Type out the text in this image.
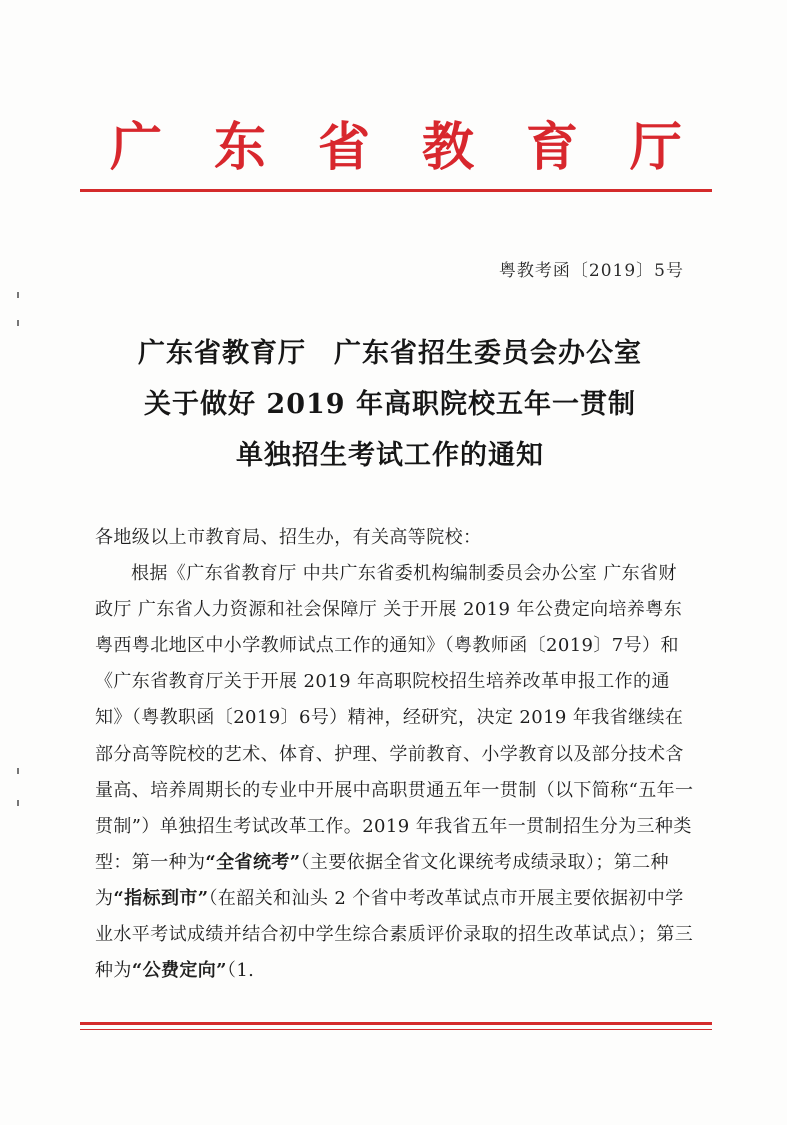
广 东 省 教 育 厅
粤教考函〔2019〕5号
广东省教育厅　广东省招生委员会办公室
关于做好 2019 年高职院校五年一贯制
单独招生考试工作的通知

各地级以上市教育局、招生办，有关高等院校：

根据《广东省教育厅 中共广东省委机构编制委员会办公室 广东省财政厅 广东省人力资源和社会保障厅 关于开展 2019 年公费定向培养粤东粤西粤北地区中小学教师试点工作的通知》（粤教师函〔2019〕7号）和《广东省教育厅关于开展 2019 年高职院校招生培养改革申报工作的通知》（粤教职函〔2019〕6号）精神，经研究，决定 2019 年我省继续在部分高等院校的艺术、体育、护理、学前教育、小学教育以及部分技术含量高、培养周期长的专业中开展中高职贯通五年一贯制（以下简称“五年一贯制”）单独招生考试改革工作。2019 年我省五年一贯制招生分为三种类型：第一种为“全省统考”（主要依据全省文化课统考成绩录取）；第二种为“指标到市”（在韶关和汕头 2 个省中考改革试点市开展主要依据初中学业水平考试成绩并结合初中学生综合素质评价录取的招生改革试点）；第三种为“公费定向”（1.
